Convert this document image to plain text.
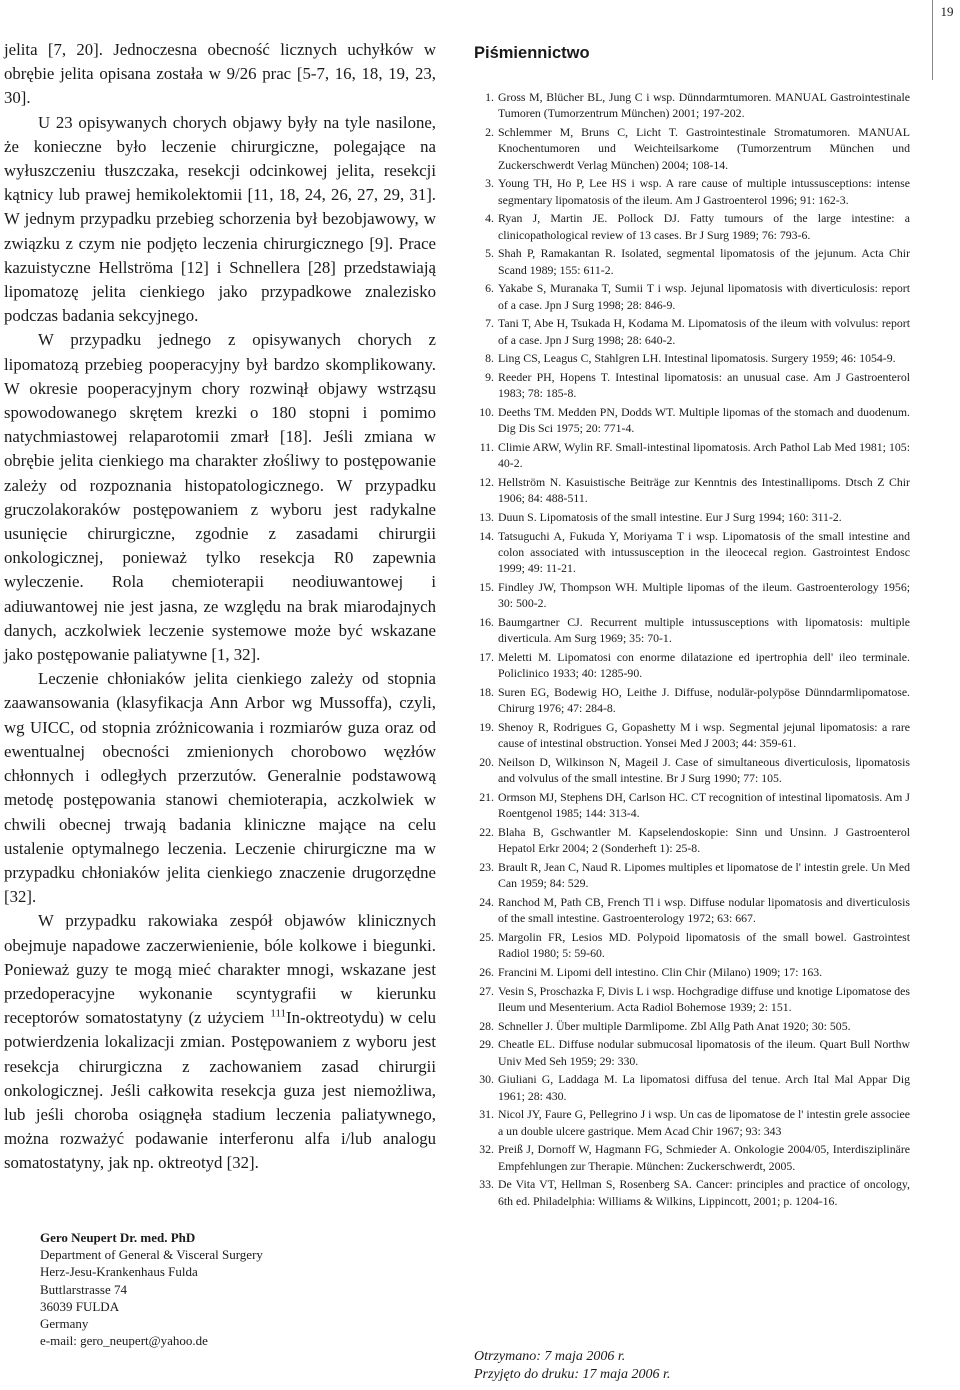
19

jelita [7, 20]. Jednoczesna obecność licznych uchyłków w obrębie jelita opisana została w 9/26 prac [5-7, 16, 18, 19, 23, 30].

U 23 opisywanych chorych objawy były na tyle nasilone, że konieczne było leczenie chirurgiczne, polegające na wyłuszczeniu tłuszczaka, resekcji odcinkowej jelita, resekcji kątnicy lub prawej hemikolektomii [11, 18, 24, 26, 27, 29, 31]. W jednym przypadku przebieg schorzenia był bezobjawowy, w związku z czym nie podjęto leczenia chirurgicznego [9]. Prace kazuistyczne Hellströma [12] i Schnellera [28] przedstawiają lipomatozę jelita cienkiego jako przypadkowe znalezisko podczas badania sekcyjnego.

W przypadku jednego z opisywanych chorych z lipomatozą przebieg pooperacyjny był bardzo skomplikowany. W okresie pooperacyjnym chory rozwinął objawy wstrząsu spowodowanego skrętem krezki o 180 stopni i pomimo natychmiastowej relaparotomii zmarł [18]. Jeśli zmiana w obrębie jelita cienkiego ma charakter złośliwy to postępowanie zależy od rozpoznania histopatologicznego. W przypadku gruczolakoraków postępowaniem z wyboru jest radykalne usunięcie chirurgiczne, zgodnie z zasadami chirurgii onkologicznej, ponieważ tylko resekcja R0 zapewnia wyleczenie. Rola chemioterapii neodiuwantowej i adiuwantowej nie jest jasna, ze względu na brak miarodajnych danych, aczkolwiek leczenie systemowe może być wskazane jako postępowanie paliatywne [1, 32].

Leczenie chłoniaków jelita cienkiego zależy od stopnia zaawansowania (klasyfikacja Ann Arbor wg Mussoffa), czyli, wg UICC, od stopnia zróżnicowania i rozmiarów guza oraz od ewentualnej obecności zmienionych chorobowo węzłów chłonnych i odległych przerzutów. Generalnie podstawową metodę postępowania stanowi chemioterapia, aczkolwiek w chwili obecnej trwają badania kliniczne mające na celu ustalenie optymalnego leczenia. Leczenie chirurgiczne ma w przypadku chłoniaków jelita cienkiego znaczenie drugorzędne [32].

W przypadku rakowiaka zespół objawów klinicznych obejmuje napadowe zaczerwienienie, bóle kolkowe i biegunki. Ponieważ guzy te mogą mieć charakter mnogi, wskazane jest przedoperacyjne wykonanie scyntygrafii w kierunku receptorów somatostatyny (z użyciem $^{111}$In-oktreotydu) w celu potwierdzenia lokalizacji zmian. Postępowaniem z wyboru jest resekcja chirurgiczna z zachowaniem zasad chirurgii onkologicznej. Jeśli całkowita resekcja guza jest niemożliwa, lub jeśli choroba osiągnęła stadium leczenia paliatywnego, można rozważyć podawanie interferonu alfa i/lub analogu somatostatyny, jak np. oktreotyd [32].

Gero Neupert Dr. med. PhD
Department of General & Visceral Surgery
Herz-Jesu-Krankenhaus Fulda
Buttlarstrasse 74
36039 FULDA
Germany
e-mail: gero_neupert@yahoo.de
Piśmiennictwo
1 . Gross M, Blücher BL, Jung C i wsp. Dünndarmtumoren. MANUAL Gastrointestinale Tumoren (Tumorzentrum München) 2001; 197-202.
2 . Schlemmer M, Bruns C, Licht T. Gastrointestinale Stromatumoren. MANUAL Knochentumoren und Weichteilsarkome (Tumorzentrum München und Zuckerschwerdt Verlag München) 2004; 108-14.
3 . Young TH, Ho P, Lee HS i wsp. A rare cause of multiple intussusceptions: intense segmentary lipomatosis of the ileum. Am J Gastroenterol 1996; 91: 162-3.
4 . Ryan J, Martin JE. Pollock DJ. Fatty tumours of the large intestine: a clinicopathological review of 13 cases. Br J Surg 1989; 76: 793-6.
5 . Shah P, Ramakantan R. Isolated, segmental lipomatosis of the jejunum. Acta Chir Scand 1989; 155: 611-2.
6 . Yakabe S, Muranaka T, Sumii T i wsp. Jejunal lipomatosis with diverticulosis: report of a case. Jpn J Surg 1998; 28: 846-9.
7 . Tani T, Abe H, Tsukada H, Kodama M. Lipomatosis of the ileum with volvulus: report of a case. Jpn J Surg 1998; 28: 640-2.
8 . Ling CS, Leagus C, Stahlgren LH. Intestinal lipomatosis. Surgery 1959; 46: 1054-9.
9 . Reeder PH, Hopens T. Intestinal lipomatosis: an unusual case. Am J Gastroenterol 1983; 78: 185-8.
10 . Deeths TM. Medden PN, Dodds WT. Multiple lipomas of the stomach and duodenum. Dig Dis Sci 1975; 20: 771-4.
11 . Climie ARW, Wylin RF. Small-intestinal lipomatosis. Arch Pathol Lab Med 1981; 105: 40-2.
12 . Hellström N. Kasuistische Beiträge zur Kenntnis des Intestinallipoms. Dtsch Z Chir 1906; 84: 488-511.
13 . Duun S. Lipomatosis of the small intestine. Eur J Surg 1994; 160: 311-2.
14 . Tatsuguchi A, Fukuda Y, Moriyama T i wsp. Lipomatosis of the small intestine and colon associated with intussusception in the ileocecal region. Gastrointest Endosc 1999; 49: 11-21.
15 . Findley JW, Thompson WH. Multiple lipomas of the ileum. Gastroenterology 1956; 30: 500-2.
16 . Baumgartner CJ. Recurrent multiple intussusceptions with lipomatosis: multiple diverticula. Am Surg 1969; 35: 70-1.
17 . Meletti M. Lipomatosi con enorme dilatazione ed ipertrophia dell' ileo terminale. Policlinico 1933; 40: 1285-90.
18 . Suren EG, Bodewig HO, Leithe J. Diffuse, nodulär-polypöse Dünndarmlipomatose. Chirurg 1976; 47: 284-8.
19 . Shenoy R, Rodrigues G, Gopashetty M i wsp. Segmental jejunal lipomatosis: a rare cause of intestinal obstruction. Yonsei Med J 2003; 44: 359-61.
20 . Neilson D, Wilkinson N, Mageil J. Case of simultaneous diverticulosis, lipomatosis and volvulus of the small intestine. Br J Surg 1990; 77: 105.
21 . Ormson MJ, Stephens DH, Carlson HC. CT recognition of intestinal lipomatosis. Am J Roentgenol 1985; 144: 313-4.
22 . Blaha B, Gschwantler M. Kapselendoskopie: Sinn und Unsinn. J Gastroenterol Hepatol Erkr 2004; 2 (Sonderheft 1): 25-8.
23 . Brault R, Jean C, Naud R. Lipomes multiples et lipomatose de l' intestin grele. Un Med Can 1959; 84: 529.
24 . Ranchod M, Path CB, French Tl i wsp. Diffuse nodular lipomatosis and diverticulosis of the small intestine. Gastroenterology 1972; 63: 667.
25 . Margolin FR, Lesios MD. Polypoid lipomatosis of the small bowel. Gastrointest Radiol 1980; 5: 59-60.
26 . Francini M. Lipomi dell intestino. Clin Chir (Milano) 1909; 17: 163.
27 . Vesin S, Proschazka F, Divis L i wsp. Hochgradige diffuse und knotige Lipomatose des Ileum und Mesenterium. Acta Radiol Bohemose 1939; 2: 151.
28 . Schneller J. Über multiple Darmlipome. Zbl Allg Path Anat 1920; 30: 505.
29 . Cheatle EL. Diffuse nodular submucosal lipomatosis of the ileum. Quart Bull Northw Univ Med Seh 1959; 29: 330.
30 . Giuliani G, Laddaga M. La lipomatosi diffusa del tenue. Arch Ital Mal Appar Dig 1961; 28: 430.
31 . Nicol JY, Faure G, Pellegrino J i wsp. Un cas de lipomatose de l' intestin grele associee a un double ulcere gastrique. Mem Acad Chir 1967; 93: 343
32 . Preiß J, Dornoff W, Hagmann FG, Schmieder A. Onkologie 2004/05, Interdisziplinäre Empfehlungen zur Therapie. München: Zuckerschwerdt, 2005.
33 . De Vita VT, Hellman S, Rosenberg SA. Cancer: principles and practice of oncology, 6th ed. Philadelphia: Williams & Wilkins, Lippincott, 2001; p. 1204-16.
Otrzymano: 7 maja 2006 r.
Przyjęto do druku: 17 maja 2006 r.
